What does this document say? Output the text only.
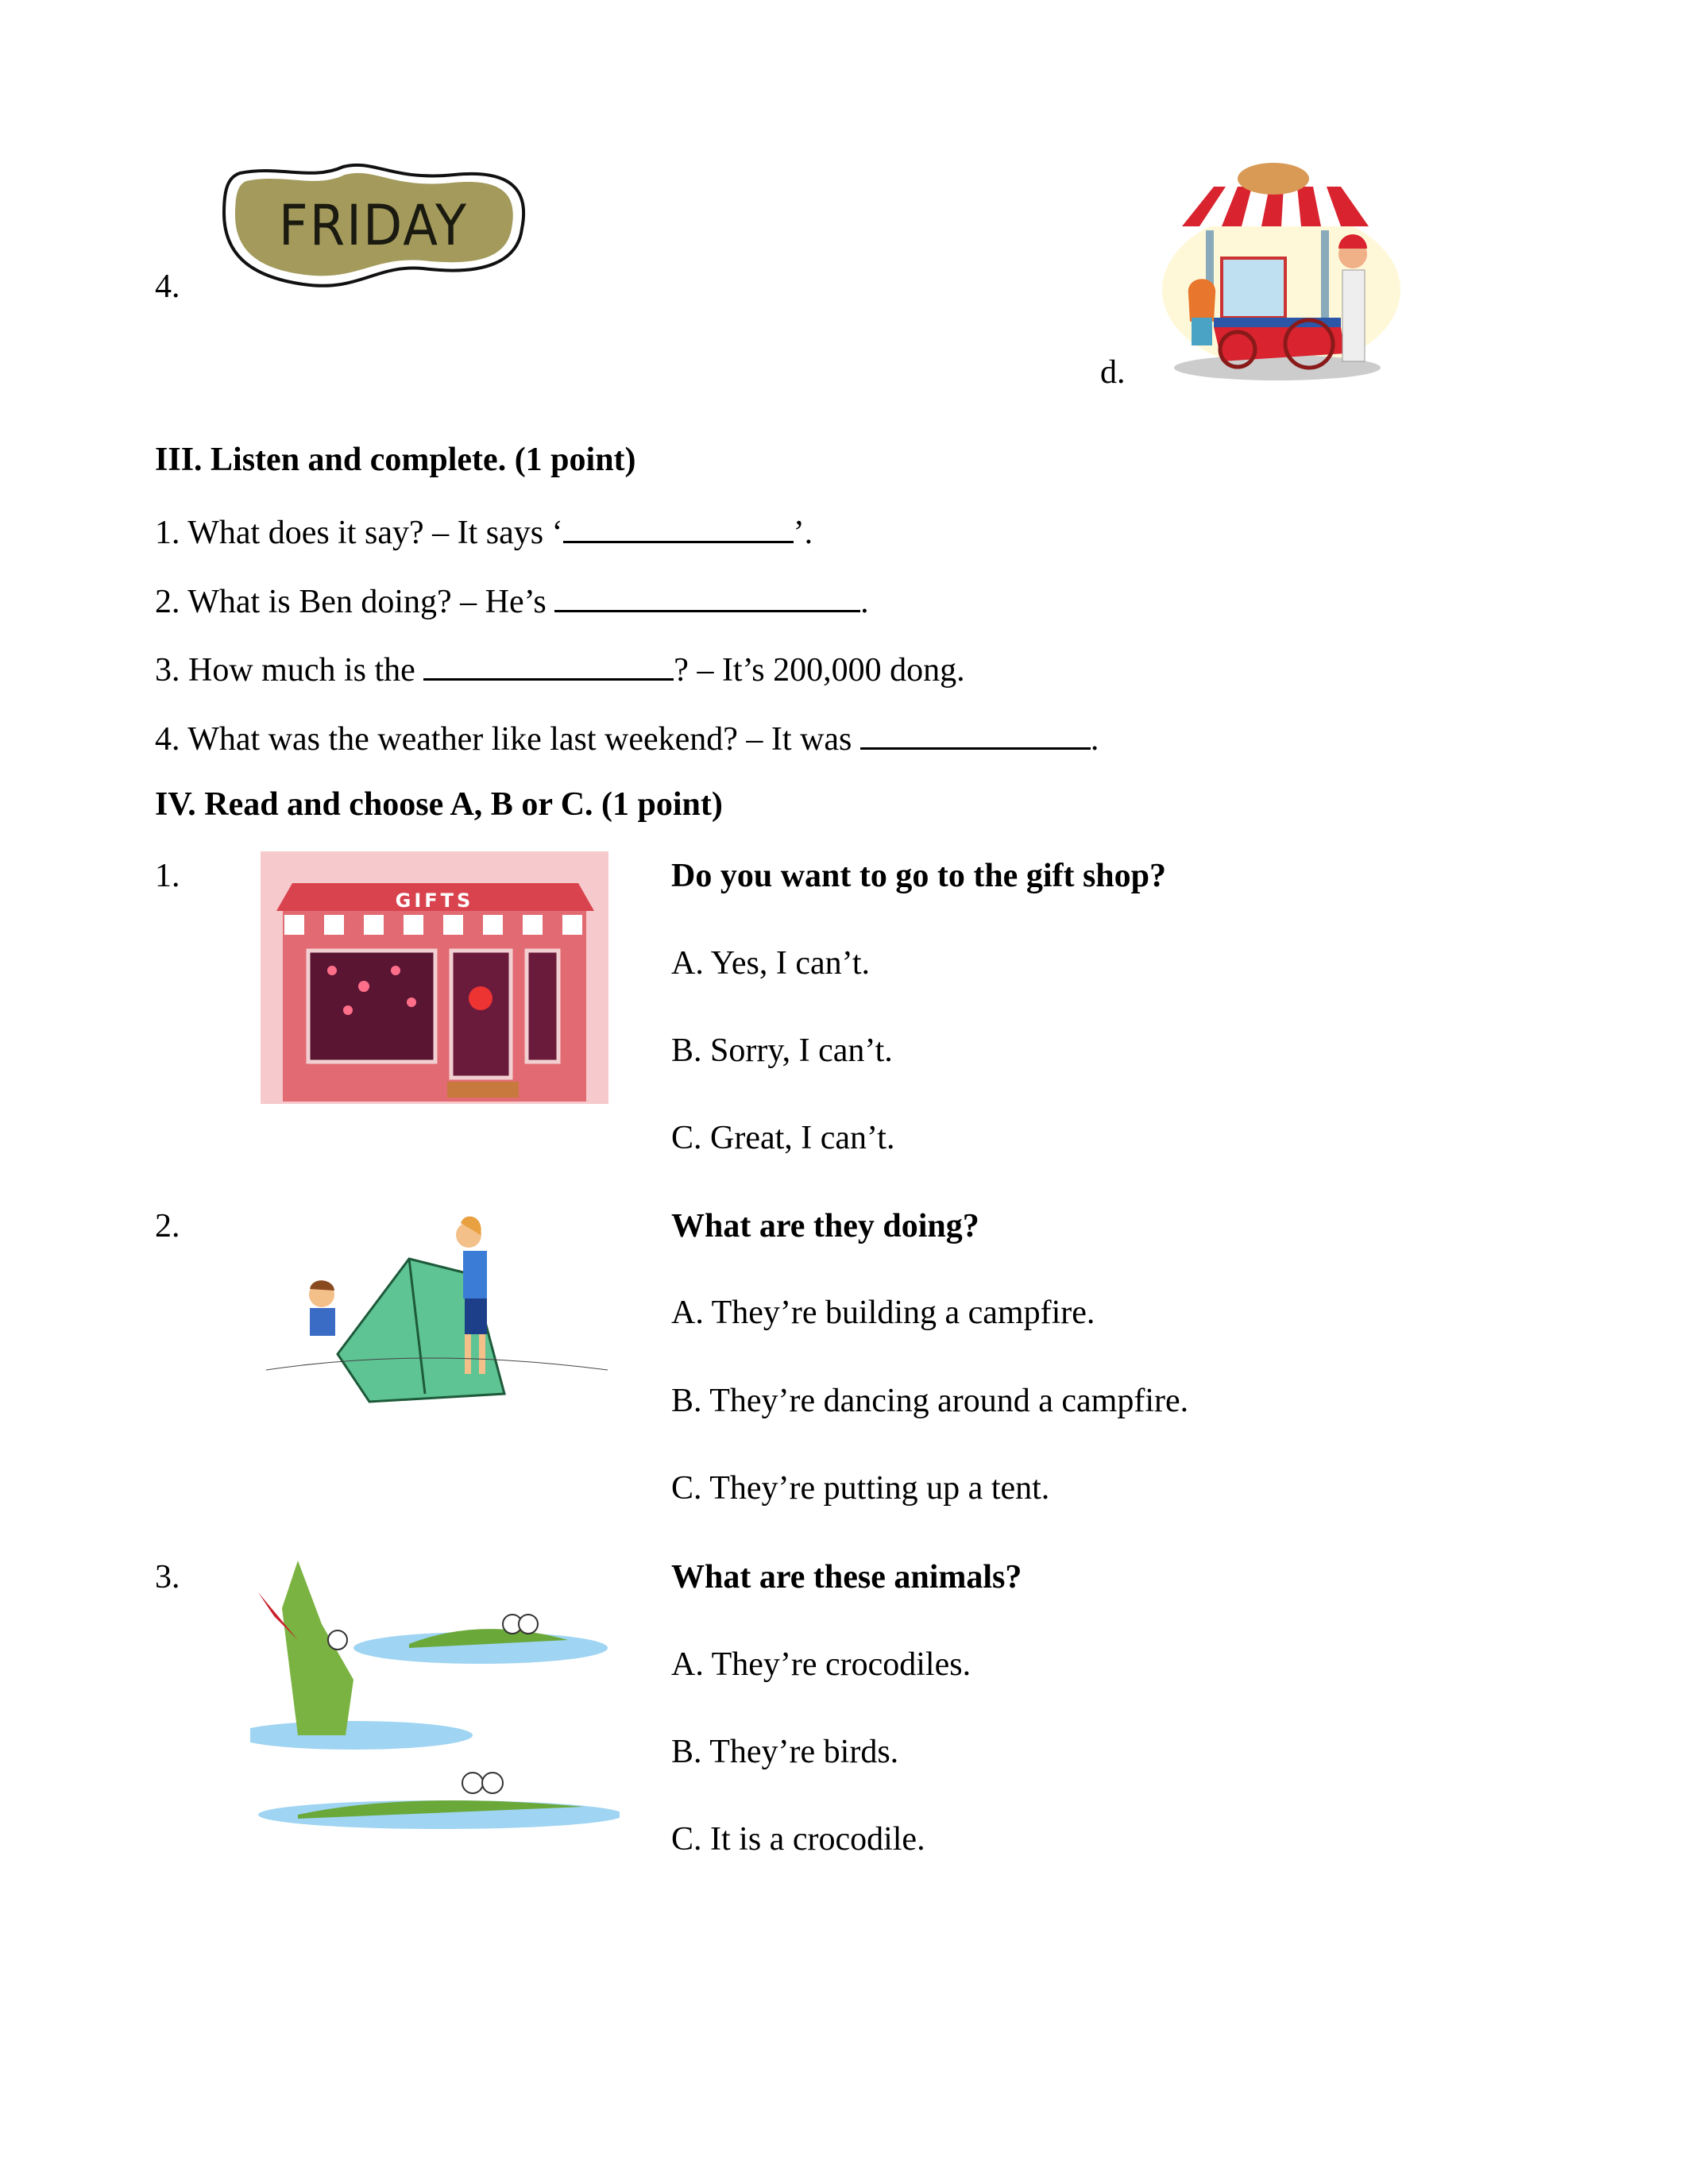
4.
FRIDAY
d.
III. Listen and complete. (1 point)
1. What does it say? – It says ‘	’.
2. What is Ben doing? – He’s	.
3. How much is the	? – It’s 200,000 dong.
4. What was the weather like last weekend? – It was	.
IV. Read and choose A, B or C. (1 point)
1.
GIFTS
Do you want to go to the gift shop?
A. Yes, I can’t.
B. Sorry, I can’t.
C. Great, I can’t.
2.	What are they doing?
A. They’re building a campfire.
B. They’re dancing around a campfire.
C. They’re putting up a tent.
3.	What are these animals?
A. They’re crocodiles.
B. They’re birds.
C. It is a crocodile.
